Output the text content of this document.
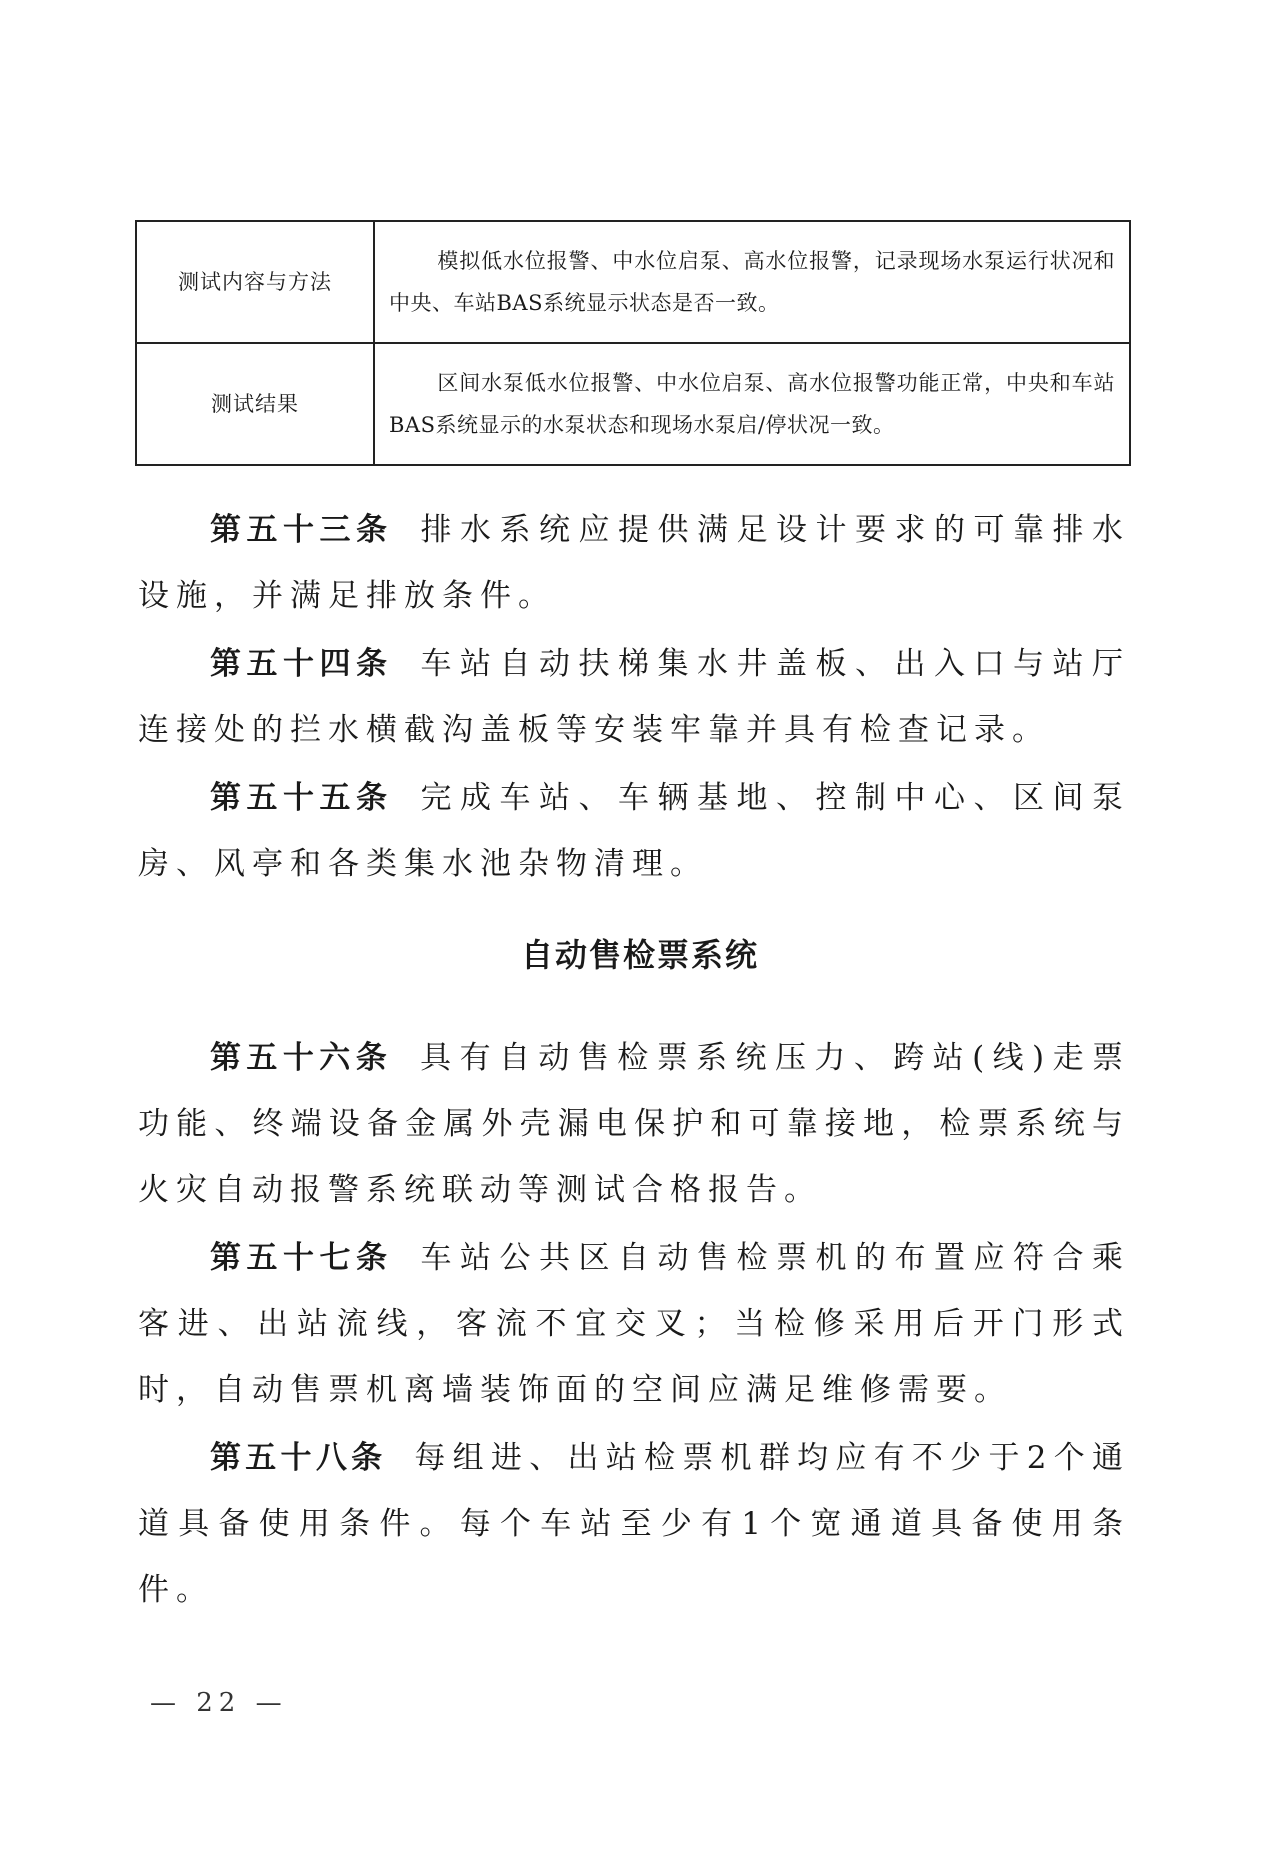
测试内容与方法	模拟低水位报警、中水位启泵、高水位报警，记录现场水泵运行状况和中央、车站BAS系统显示状态是否一致。
测试结果	区间水泵低水位报警、中水位启泵、高水位报警功能正常，中央和车站BAS系统显示的水泵状态和现场水泵启/停状况一致。
第五十三条 排水系统应提供满足设计要求的可靠排水设施，并满足排放条件。
第五十四条 车站自动扶梯集水井盖板、出入口与站厅连接处的拦水横截沟盖板等安装牢靠并具有检查记录。
第五十五条 完成车站、车辆基地、控制中心、区间泵房、风亭和各类集水池杂物清理。
自动售检票系统
第五十六条 具有自动售检票系统压力、跨站(线)走票功能、终端设备金属外壳漏电保护和可靠接地，检票系统与火灾自动报警系统联动等测试合格报告。
第五十七条 车站公共区自动售检票机的布置应符合乘客进、出站流线，客流不宜交叉；当检修采用后开门形式时，自动售票机离墙装饰面的空间应满足维修需要。
第五十八条 每组进、出站检票机群均应有不少于2个通道具备使用条件。每个车站至少有1个宽通道具备使用条件。
— 22 —
